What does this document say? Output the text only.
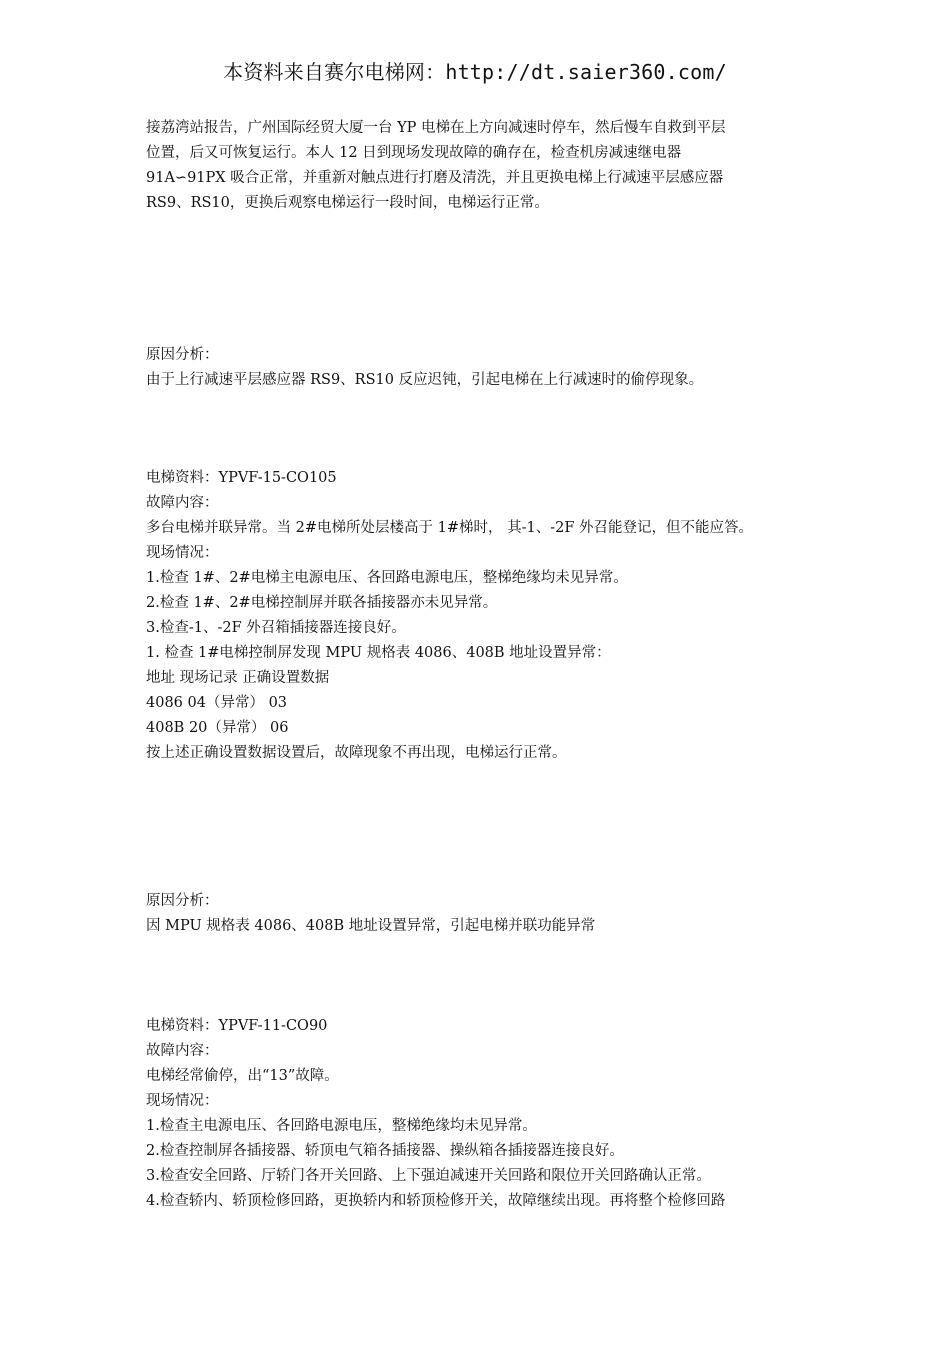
本资料来自赛尔电梯网：http://dt.saier360.com/
接荔湾站报告，广州国际经贸大厦一台 YP 电梯在上方向减速时停车，然后慢车自救到平层
位置，后又可恢复运行。本人 12 日到现场发现故障的确存在，检查机房减速继电器
91A∽91PX 吸合正常，并重新对触点进行打磨及清洗，并且更换电梯上行减速平层感应器
RS9、RS10，更换后观察电梯运行一段时间，电梯运行正常。
原因分析：
由于上行减速平层感应器 RS9、RS10 反应迟钝，引起电梯在上行减速时的偷停现象。
电梯资料：YPVF-15-CO105
故障内容：
多台电梯并联异常。当 2#电梯所处层楼高于 1#梯时， 其-1、-2F 外召能登记，但不能应答。
现场情况：
1.检查 1#、2#电梯主电源电压、各回路电源电压，整梯绝缘均未见异常。
2.检查 1#、2#电梯控制屏并联各插接器亦未见异常。
3.检查-1、-2F 外召箱插接器连接良好。
1. 检查 1#电梯控制屏发现 MPU 规格表 4086、408B 地址设置异常：
地址 现场记录 正确设置数据
4086 04（异常） 03
408B 20（异常） 06
按上述正确设置数据设置后，故障现象不再出现，电梯运行正常。
原因分析：
因 MPU 规格表 4086、408B 地址设置异常，引起电梯并联功能异常
电梯资料：YPVF-11-CO90
故障内容：
电梯经常偷停，出“13”故障。
现场情况：
1.检查主电源电压、各回路电源电压，整梯绝缘均未见异常。
2.检查控制屏各插接器、轿顶电气箱各插接器、操纵箱各插接器连接良好。
3.检查安全回路、厅轿门各开关回路、上下强迫减速开关回路和限位开关回路确认正常。
4.检查轿内、轿顶检修回路，更换轿内和轿顶检修开关，故障继续出现。再将整个检修回路
